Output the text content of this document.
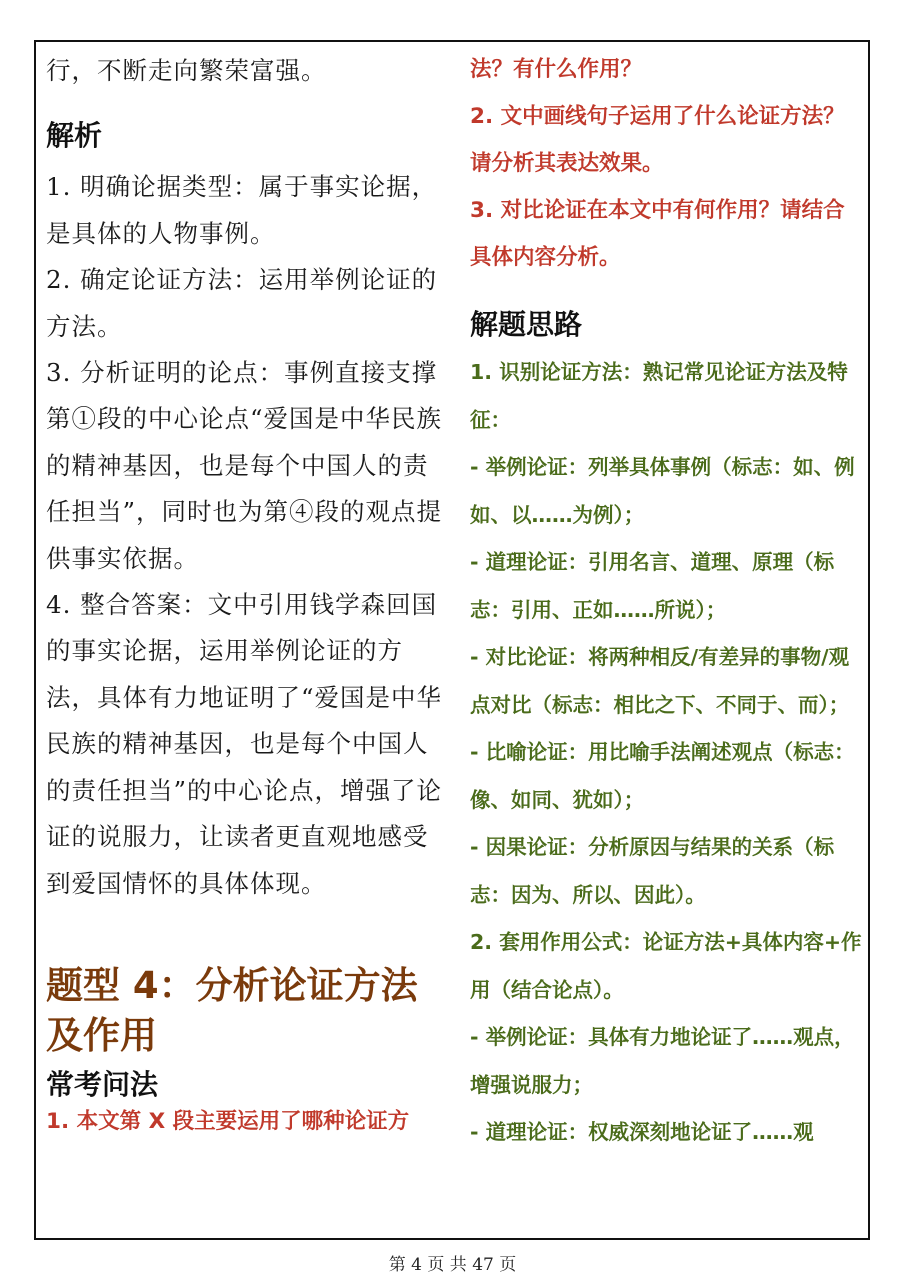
行，不断走向繁荣富强。

解析

1. 明确论据类型：属于事实论据，是具体的人物事例。

2. 确定论证方法：运用举例论证的方法。

3. 分析证明的论点：事例直接支撑第①段的中心论点“爱国是中华民族的精神基因，也是每个中国人的责任担当”，同时也为第④段的观点提供事实依据。

4. 整合答案：文中引用钱学森回国的事实论据，运用举例论证的方法，具体有力地证明了“爱国是中华民族的精神基因，也是每个中国人的责任担当”的中心论点，增强了论证的说服力，让读者更直观地感受到爱国情怀的具体体现。

题型 4：分析论证方法及作用

常考问法

1. 本文第 X 段主要运用了哪种论证方

法？有什么作用？

2. 文中画线句子运用了什么论证方法？请分析其表达效果。

3. 对比论证在本文中有何作用？请结合具体内容分析。

解题思路

1. 识别论证方法：熟记常见论证方法及特征：

- 举例论证：列举具体事例（标志：如、例如、以……为例）；

- 道理论证：引用名言、道理、原理（标志：引用、正如……所说）；

- 对比论证：将两种相反/有差异的事物/观点对比（标志：相比之下、不同于、而）；

- 比喻论证：用比喻手法阐述观点（标志：像、如同、犹如）；

- 因果论证：分析原因与结果的关系（标志：因为、所以、因此）。

2. 套用作用公式：论证方法+具体内容+作用（结合论点）。

- 举例论证：具体有力地论证了……观点，增强说服力；

- 道理论证：权威深刻地论证了……观

第 4 页 共 47 页
